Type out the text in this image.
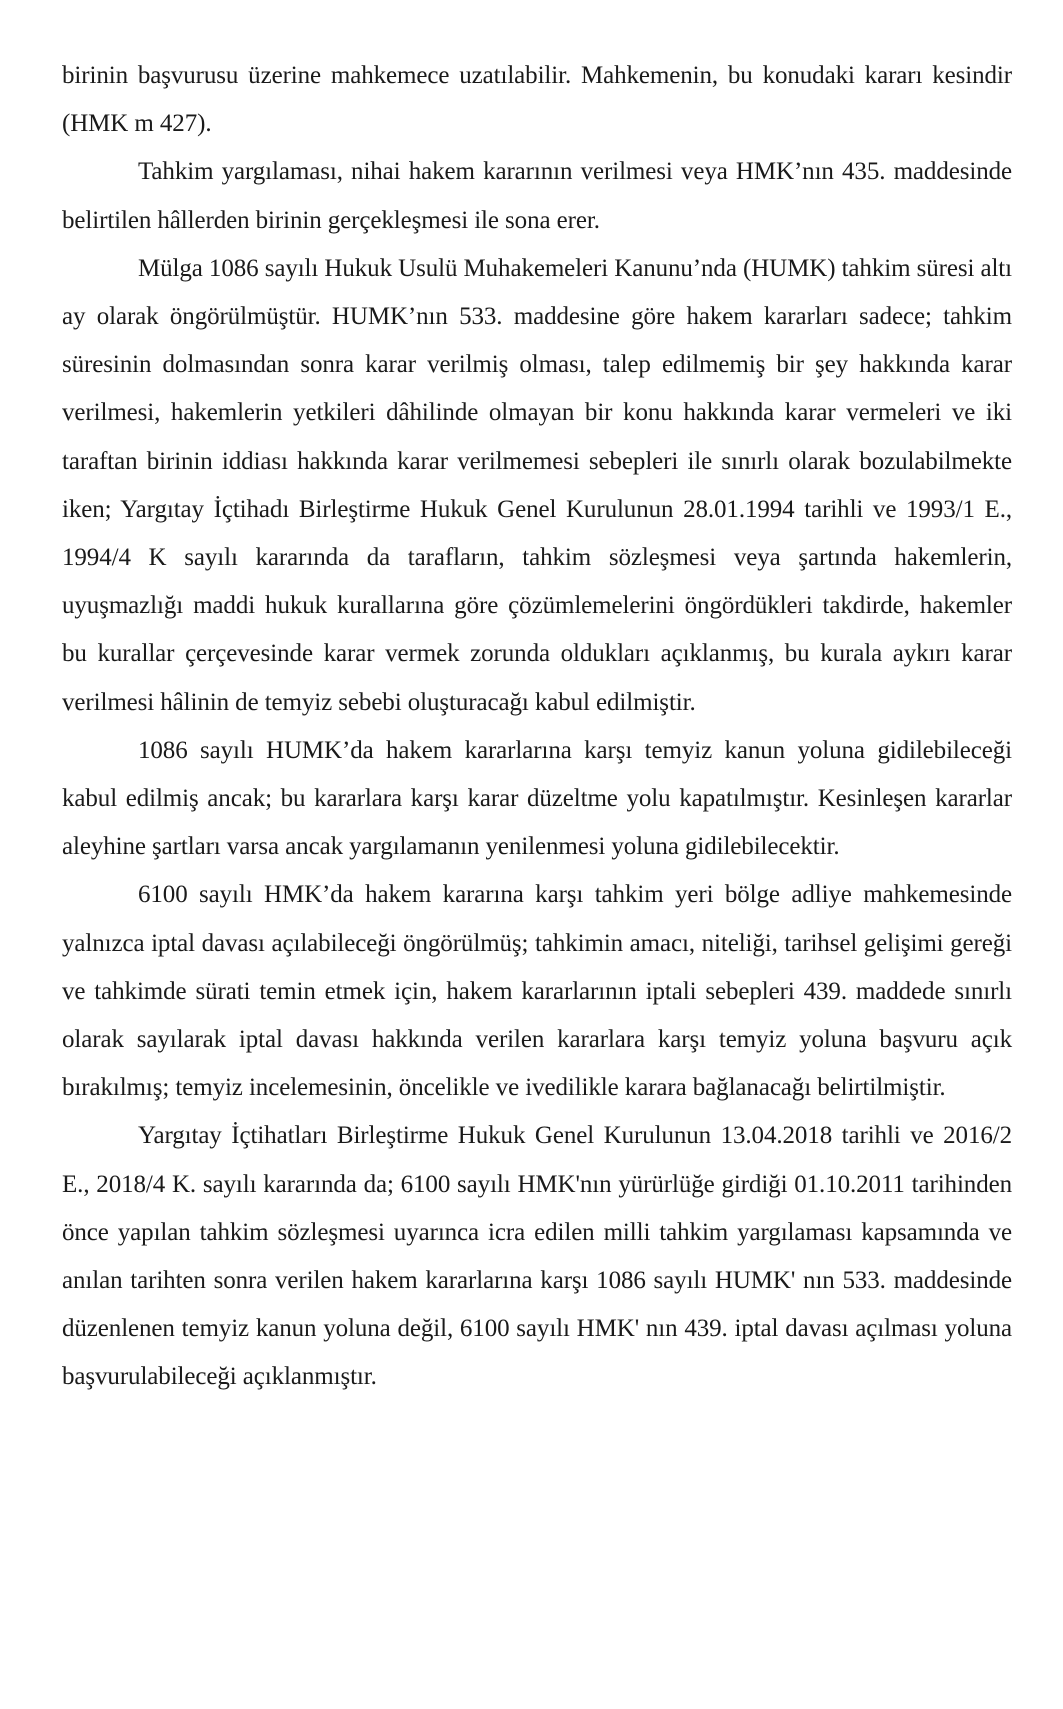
birinin başvurusu üzerine mahkemece uzatılabilir. Mahkemenin, bu konudaki kararı kesindir (HMK m 427).

Tahkim yargılaması, nihai hakem kararının verilmesi veya HMK’nın 435. maddesinde belirtilen hâllerden birinin gerçekleşmesi ile sona erer.

Mülga 1086 sayılı Hukuk Usulü Muhakemeleri Kanunu’nda (HUMK) tahkim süresi altı ay olarak öngörülmüştür. HUMK’nın 533. maddesine göre hakem kararları sadece; tahkim süresinin dolmasından sonra karar verilmiş olması, talep edilmemiş bir şey hakkında karar verilmesi, hakemlerin yetkileri dâhilinde olmayan bir konu hakkında karar vermeleri ve iki taraftan birinin iddiası hakkında karar verilmemesi sebepleri ile sınırlı olarak bozulabilmekte iken; Yargıtay İçtihadı Birleştirme Hukuk Genel Kurulunun 28.01.1994 tarihli ve 1993/1 E., 1994/4 K sayılı kararında da tarafların, tahkim sözleşmesi veya şartında hakemlerin, uyuşmazlığı maddi hukuk kurallarına göre çözümlemelerini öngördükleri takdirde, hakemler bu kurallar çerçevesinde karar vermek zorunda oldukları açıklanmış, bu kurala aykırı karar verilmesi hâlinin de temyiz sebebi oluşturacağı kabul edilmiştir.

1086 sayılı HUMK’da hakem kararlarına karşı temyiz kanun yoluna gidilebileceği kabul edilmiş ancak; bu kararlara karşı karar düzeltme yolu kapatılmıştır. Kesinleşen kararlar aleyhine şartları varsa ancak yargılamanın yenilenmesi yoluna gidilebilecektir.

6100 sayılı HMK’da hakem kararına karşı tahkim yeri bölge adliye mahkemesinde yalnızca iptal davası açılabileceği öngörülmüş; tahkimin amacı, niteliği, tarihsel gelişimi gereği ve tahkimde sürati temin etmek için, hakem kararlarının iptali sebepleri 439. maddede sınırlı olarak sayılarak iptal davası hakkında verilen kararlara karşı temyiz yoluna başvuru açık bırakılmış; temyiz incelemesinin, öncelikle ve ivedilikle karara bağlanacağı belirtilmiştir.

Yargıtay İçtihatları Birleştirme Hukuk Genel Kurulunun 13.04.2018 tarihli ve 2016/2 E., 2018/4 K. sayılı kararında da; 6100 sayılı HMK'nın yürürlüğe girdiği 01.10.2011 tarihinden önce yapılan tahkim sözleşmesi uyarınca icra edilen milli tahkim yargılaması kapsamında ve anılan tarihten sonra verilen hakem kararlarına karşı 1086 sayılı HUMK' nın 533. maddesinde düzenlenen temyiz kanun yoluna değil, 6100 sayılı HMK' nın 439. iptal davası açılması yoluna başvurulabileceği açıklanmıştır.
